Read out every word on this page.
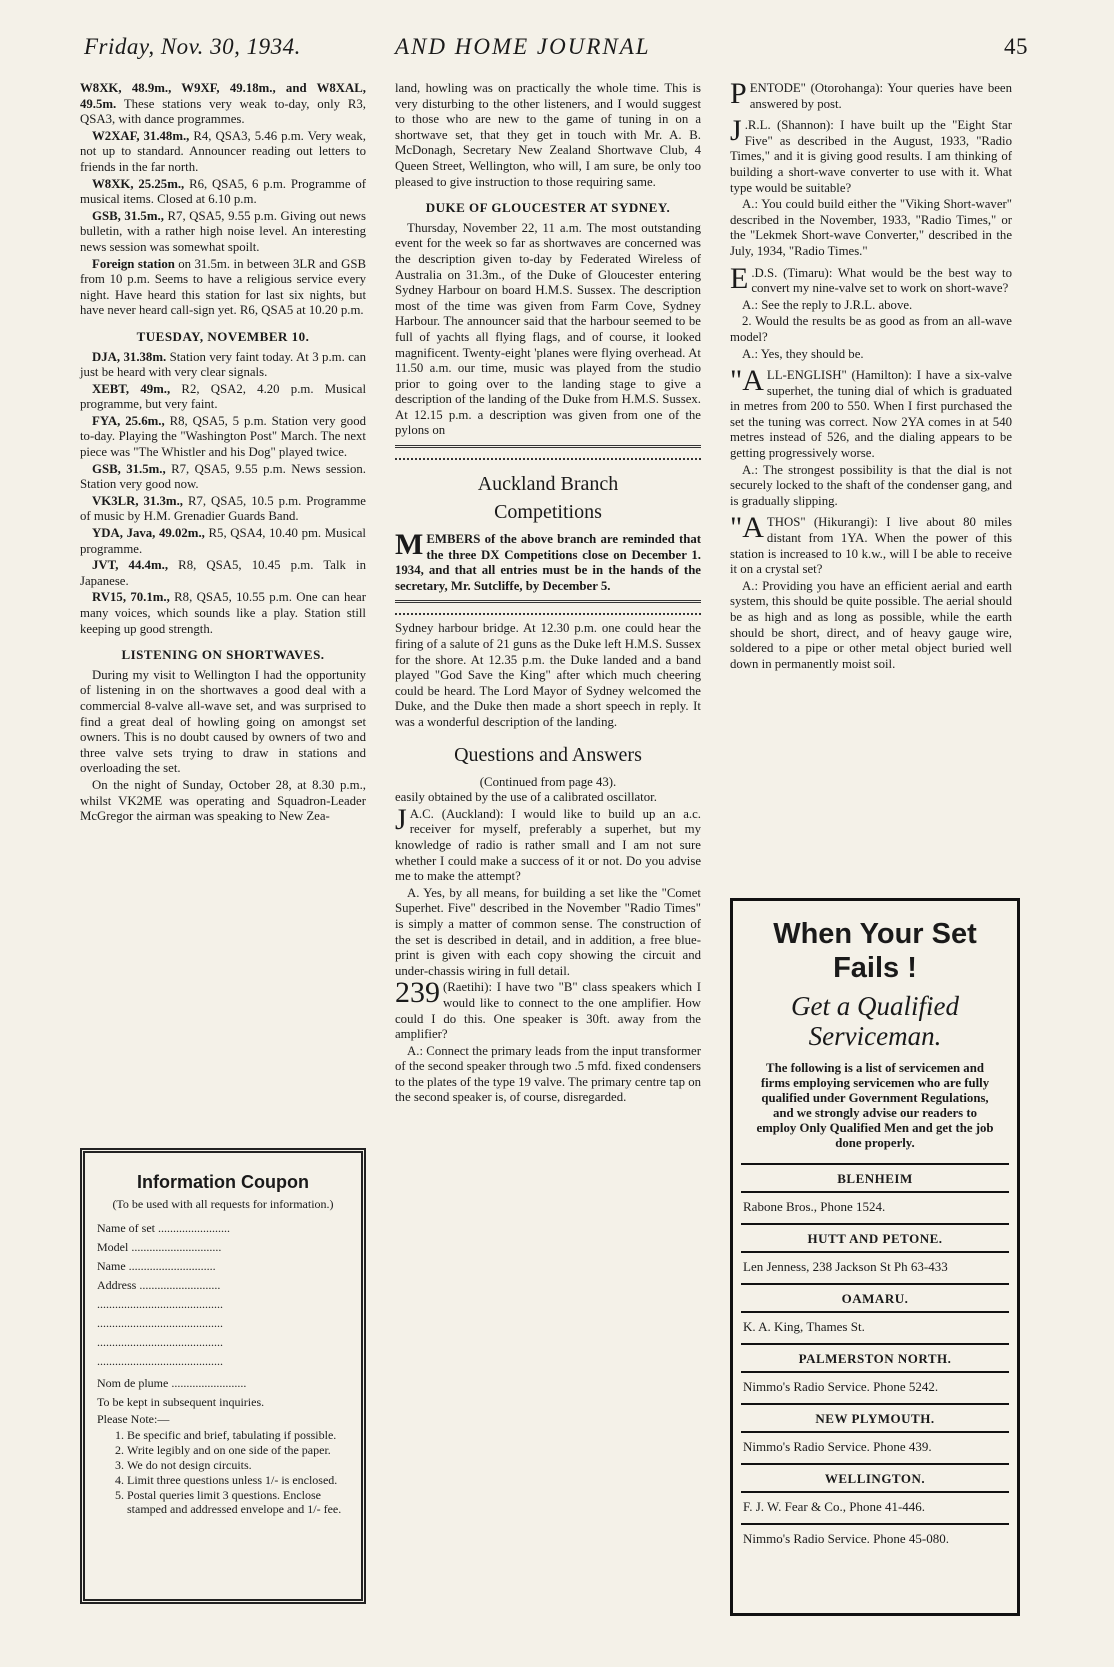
Friday, Nov. 30, 1934.	AND HOME JOURNAL	45

W8XK, 48.9m., W9XF, 49.18m., and W8XAL, 49.5m. These stations very weak to-day, only R3, QSA3, with dance programmes.

W2XAF, 31.48m., R4, QSA3, 5.46 p.m. Very weak, not up to standard. Announcer reading out letters to friends in the far north.

W8XK, 25.25m., R6, QSA5, 6 p.m. Programme of musical items. Closed at 6.10 p.m.

GSB, 31.5m., R7, QSA5, 9.55 p.m. Giving out news bulletin, with a rather high noise level. An interesting news session was somewhat spoilt.

Foreign station on 31.5m. in between 3LR and GSB from 10 p.m. Seems to have a religious service every night. Have heard this station for last six nights, but have never heard call-sign yet. R6, QSA5 at 10.20 p.m.

TUESDAY, NOVEMBER 10.

DJA, 31.38m. Station very faint today. At 3 p.m. can just be heard with very clear signals.

XEBT, 49m., R2, QSA2, 4.20 p.m. Musical programme, but very faint.

FYA, 25.6m., R8, QSA5, 5 p.m. Station very good to-day. Playing the "Washington Post" March. The next piece was "The Whistler and his Dog" played twice.

GSB, 31.5m., R7, QSA5, 9.55 p.m. News session. Station very good now.

VK3LR, 31.3m., R7, QSA5, 10.5 p.m. Programme of music by H.M. Grenadier Guards Band.

YDA, Java, 49.02m., R5, QSA4, 10.40 pm. Musical programme.

JVT, 44.4m., R8, QSA5, 10.45 p.m. Talk in Japanese.

RV15, 70.1m., R8, QSA5, 10.55 p.m. One can hear many voices, which sounds like a play. Station still keeping up good strength.

LISTENING ON SHORTWAVES.

During my visit to Wellington I had the opportunity of listening in on the shortwaves a good deal with a commercial 8-valve all-wave set, and was surprised to find a great deal of howling going on amongst set owners. This is no doubt caused by owners of two and three valve sets trying to draw in stations and overloading the set.

On the night of Sunday, October 28, at 8.30 p.m., whilst VK2ME was operating and Squadron-Leader McGregor the airman was speaking to New Zea-

Information Coupon
(To be used with all requests for information.)
Name of set ........................
Model ..............................
Name .............................
Address ...........................
..........................................
..........................................
..........................................
..........................................
Nom de plume .........................
To be kept in subsequent inquiries.
Please Note:—
1. Be specific and brief, tabulating if possible.
2. Write legibly and on one side of the paper.
3. We do not design circuits.
4. Limit three questions unless 1/- is enclosed.
5. Postal queries limit 3 questions. Enclose stamped and addressed envelope and 1/- fee.

land, howling was on practically the whole time. This is very disturbing to the other listeners, and I would suggest to those who are new to the game of tuning in on a shortwave set, that they get in touch with Mr. A. B. McDonagh, Secretary New Zealand Shortwave Club, 4 Queen Street, Wellington, who will, I am sure, be only too pleased to give instruction to those requiring same.

DUKE OF GLOUCESTER AT SYDNEY.

Thursday, November 22, 11 a.m. The most outstanding event for the week so far as shortwaves are concerned was the description given to-day by Federated Wireless of Australia on 31.3m., of the Duke of Gloucester entering Sydney Harbour on board H.M.S. Sussex. The description most of the time was given from Farm Cove, Sydney Harbour. The announcer said that the harbour seemed to be full of yachts all flying flags, and of course, it looked magnificent. Twenty-eight 'planes were flying overhead. At 11.50 a.m. our time, music was played from the studio prior to going over to the landing stage to give a description of the landing of the Duke from H.M.S. Sussex. At 12.15 p.m. a description was given from one of the pylons on

Auckland Branch
Competitions

MEMBERS of the above branch are reminded that the three DX Competitions close on December 1. 1934, and that all entries must be in the hands of the secretary, Mr. Sutcliffe, by December 5.

Sydney harbour bridge. At 12.30 p.m. one could hear the firing of a salute of 21 guns as the Duke left H.M.S. Sussex for the shore. At 12.35 p.m. the Duke landed and a band played "God Save the King" after which much cheering could be heard. The Lord Mayor of Sydney welcomed the Duke, and the Duke then made a short speech in reply. It was a wonderful description of the landing.

Questions and Answers
(Continued from page 43).

easily obtained by the use of a calibrated oscillator.

J A.C. (Auckland): I would like to build up an a.c. receiver for myself, preferably a superhet, but my knowledge of radio is rather small and I am not sure whether I could make a success of it or not. Do you advise me to make the attempt?

A. Yes, by all means, for building a set like the "Comet Superhet. Five" described in the November "Radio Times" is simply a matter of common sense. The construction of the set is described in detail, and in addition, a free blue-print is given with each copy showing the circuit and under-chassis wiring in full detail.

239 (Raetihi): I have two "B" class speakers which I would like to connect to the one amplifier. How could I do this. One speaker is 30ft. away from the amplifier?

A.: Connect the primary leads from the input transformer of the second speaker through two .5 mfd. fixed condensers to the plates of the type 19 valve. The primary centre tap on the second speaker is, of course, disregarded.

PENTODE" (Otorohanga): Your queries have been answered by post.

J .R.L. (Shannon): I have built up the "Eight Star Five" as described in the August, 1933, "Radio Times," and it is giving good results. I am thinking of building a short-wave converter to use with it. What type would be suitable?

A.: You could build either the "Viking Short-waver" described in the November, 1933, "Radio Times," or the "Lekmek Short-wave Converter," described in the July, 1934, "Radio Times."

E .D.S. (Timaru): What would be the best way to convert my nine-valve set to work on short-wave?

A.: See the reply to J.R.L. above.

2. Would the results be as good as from an all-wave model?

A.: Yes, they should be.

"ALL-ENGLISH" (Hamilton): I have a six-valve superhet, the tuning dial of which is graduated in metres from 200 to 550. When I first purchased the set the tuning was correct. Now 2YA comes in at 540 metres instead of 526, and the dialing appears to be getting progressively worse.

A.: The strongest possibility is that the dial is not securely locked to the shaft of the condenser gang, and is gradually slipping.

"ATHOS" (Hikurangi): I live about 80 miles distant from 1YA. When the power of this station is increased to 10 k.w., will I be able to receive it on a crystal set?

A.: Providing you have an efficient aerial and earth system, this should be quite possible. The aerial should be as high and as long as possible, while the earth should be short, direct, and of heavy gauge wire, soldered to a pipe or other metal object buried well down in permanently moist soil.

When Your Set
Fails !
Get a Qualified
Serviceman.
The following is a list of servicemen and firms employing servicemen who are fully qualified under Government Regulations, and we strongly advise our readers to employ Only Qualified Men and get the job done properly.
BLENHEIM
Rabone Bros., Phone 1524.
HUTT AND PETONE.
Len Jenness, 238 Jackson St Ph 63-433
OAMARU.
K. A. King, Thames St.
PALMERSTON NORTH.
Nimmo's Radio Service. Phone 5242.
NEW PLYMOUTH.
Nimmo's Radio Service. Phone 439.
WELLINGTON.
F. J. W. Fear & Co., Phone 41-446.
Nimmo's Radio Service. Phone 45-080.
